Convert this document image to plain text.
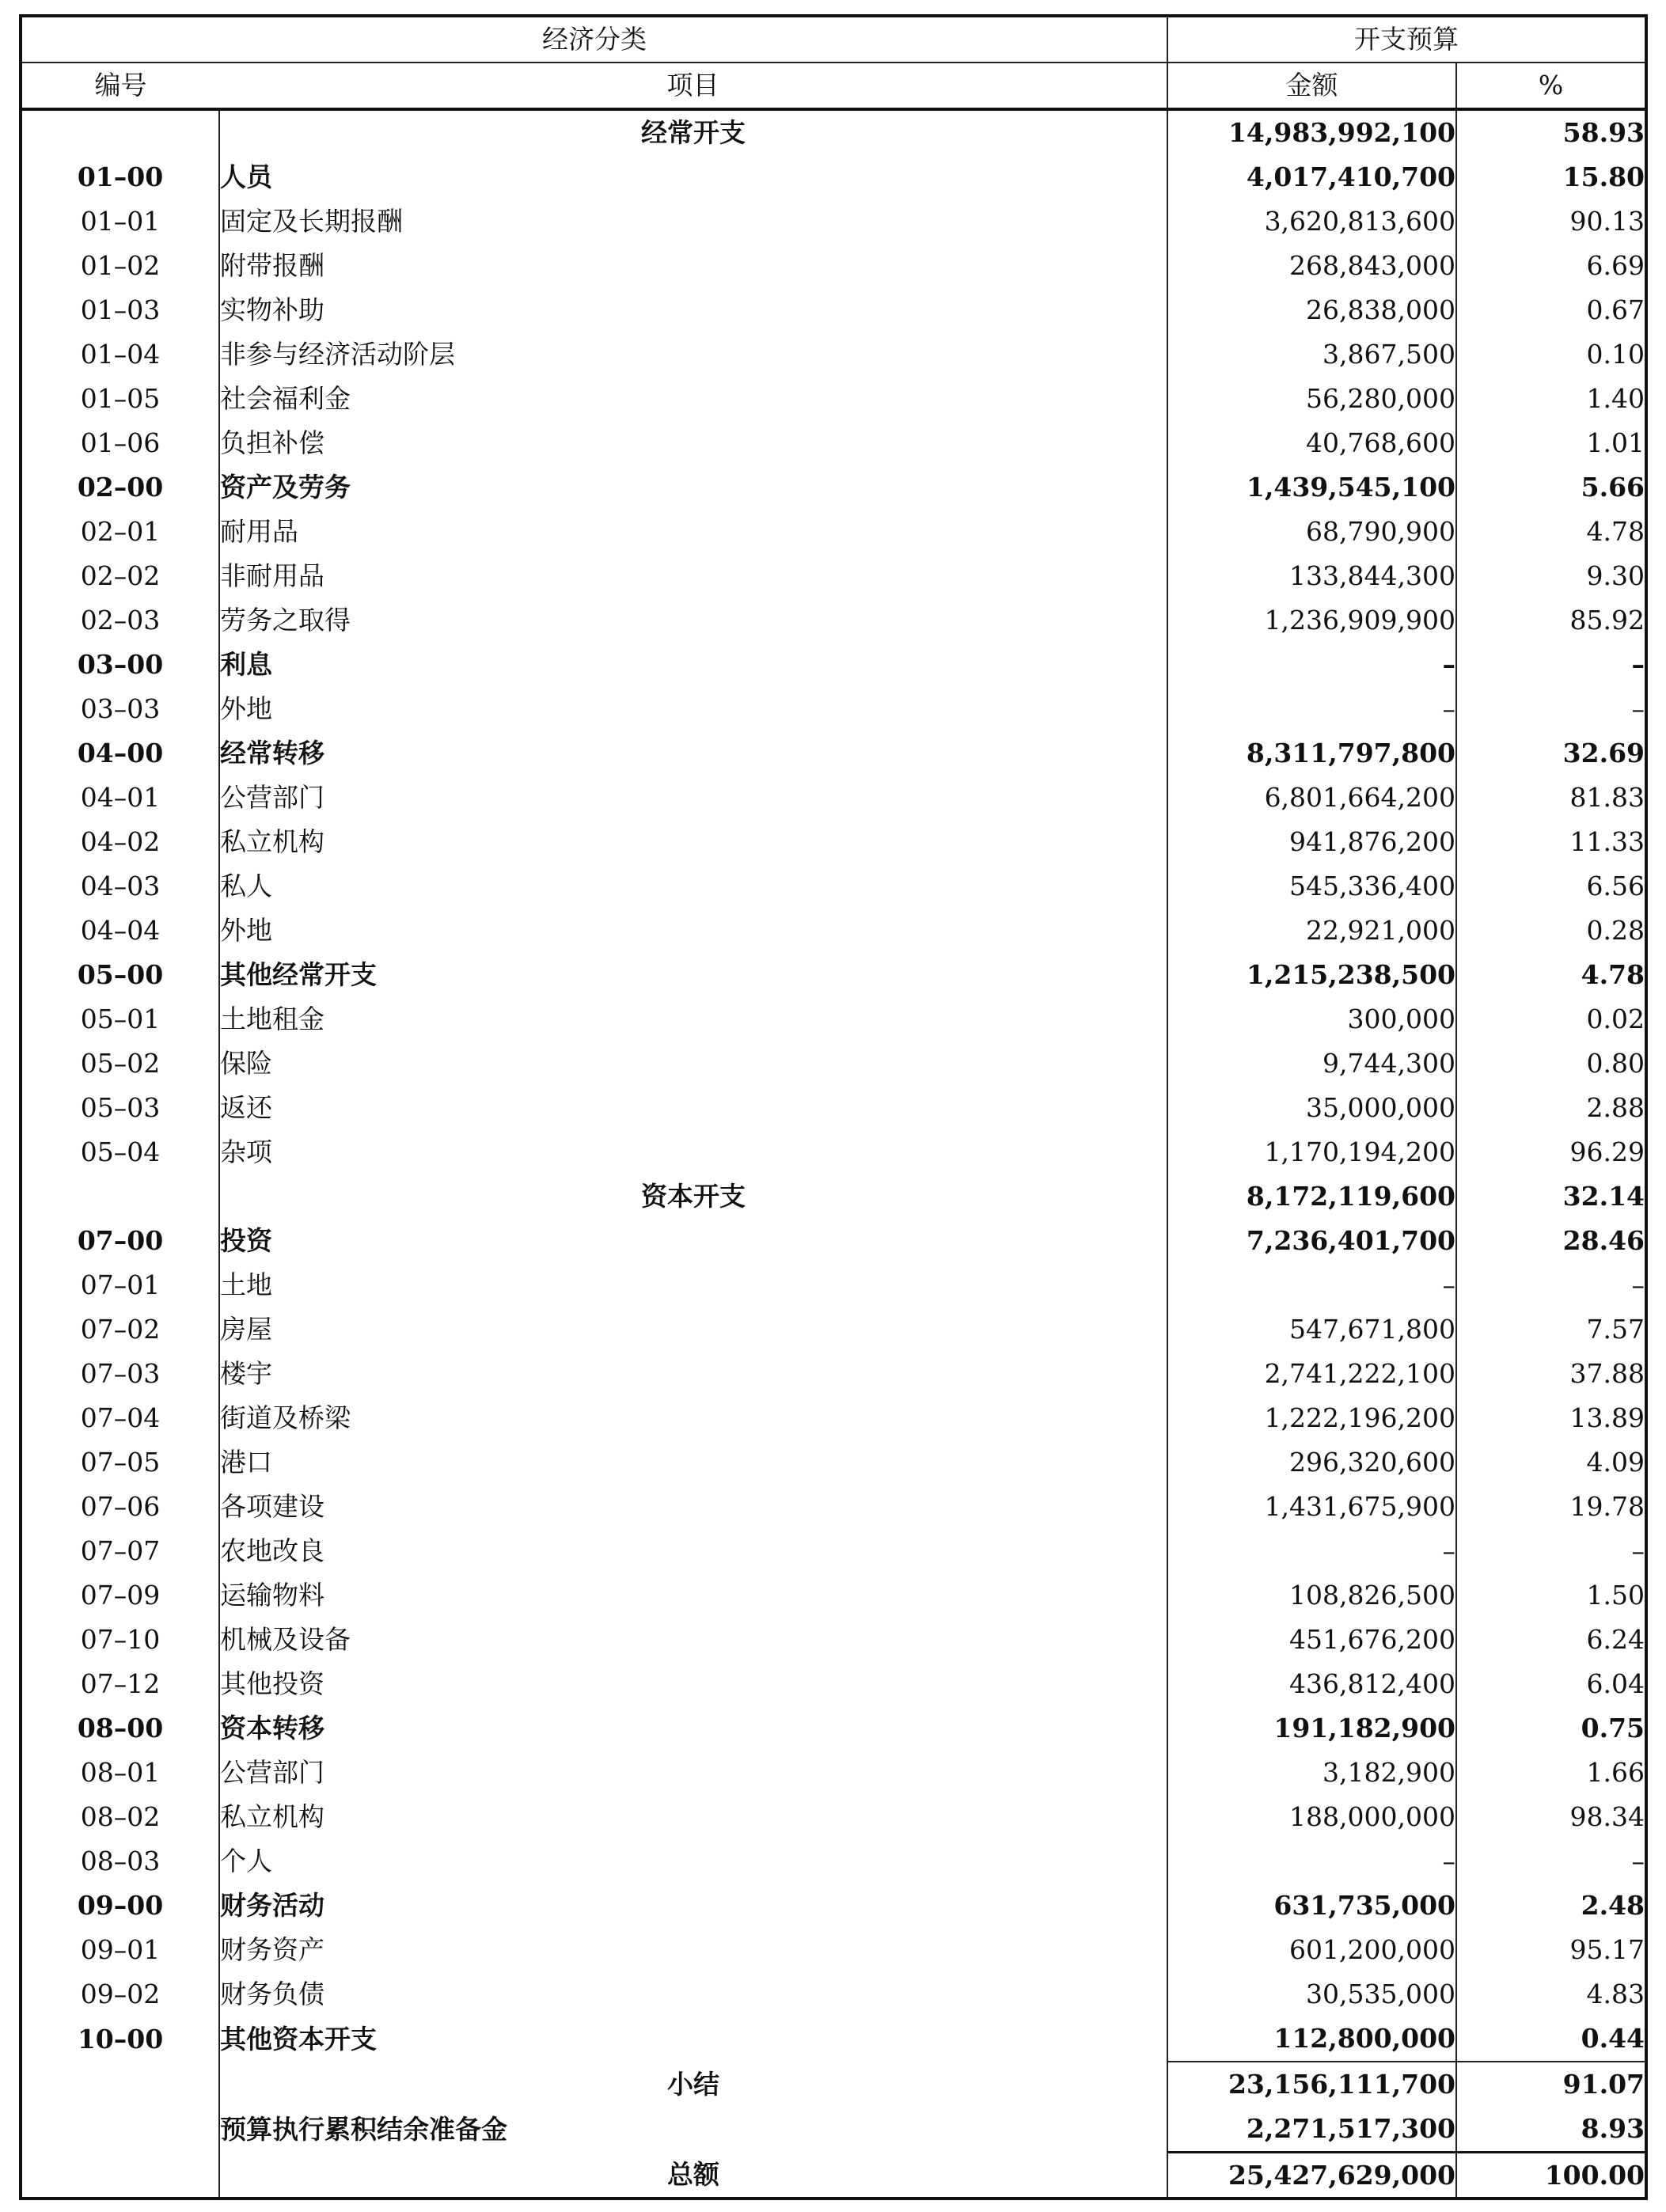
经济分类		开支预算	
编号	项目	金额	%
	经常开支	14,983,992,100	58.93
01–00	人员	4,017,410,700	15.80
01–01	固定及长期报酬	3,620,813,600	90.13
01–02	附带报酬	268,843,000	6.69
01–03	实物补助	26,838,000	0.67
01–04	非参与经济活动阶层	3,867,500	0.10
01–05	社会福利金	56,280,000	1.40
01–06	负担补偿	40,768,600	1.01
02–00	资产及劳务	1,439,545,100	5.66
02–01	耐用品	68,790,900	4.78
02–02	非耐用品	133,844,300	9.30
02–03	劳务之取得	1,236,909,900	85.92
03–00	利息	–	–
03–03	外地	–	–
04–00	经常转移	8,311,797,800	32.69
04–01	公营部门	6,801,664,200	81.83
04–02	私立机构	941,876,200	11.33
04–03	私人	545,336,400	6.56
04–04	外地	22,921,000	0.28
05–00	其他经常开支	1,215,238,500	4.78
05–01	土地租金	300,000	0.02
05–02	保险	9,744,300	0.80
05–03	返还	35,000,000	2.88
05–04	杂项	1,170,194,200	96.29
	资本开支	8,172,119,600	32.14
07–00	投资	7,236,401,700	28.46
07–01	土地	–	–
07–02	房屋	547,671,800	7.57
07–03	楼宇	2,741,222,100	37.88
07–04	街道及桥梁	1,222,196,200	13.89
07–05	港口	296,320,600	4.09
07–06	各项建设	1,431,675,900	19.78
07–07	农地改良	–	–
07–09	运输物料	108,826,500	1.50
07–10	机械及设备	451,676,200	6.24
07–12	其他投资	436,812,400	6.04
08–00	资本转移	191,182,900	0.75
08–01	公营部门	3,182,900	1.66
08–02	私立机构	188,000,000	98.34
08–03	个人	–	–
09–00	财务活动	631,735,000	2.48
09–01	财务资产	601,200,000	95.17
09–02	财务负债	30,535,000	4.83
10–00	其他资本开支	112,800,000	0.44
	小结	23,156,111,700	91.07
	预算执行累积结余准备金	2,271,517,300	8.93
	总额	25,427,629,000	100.00
